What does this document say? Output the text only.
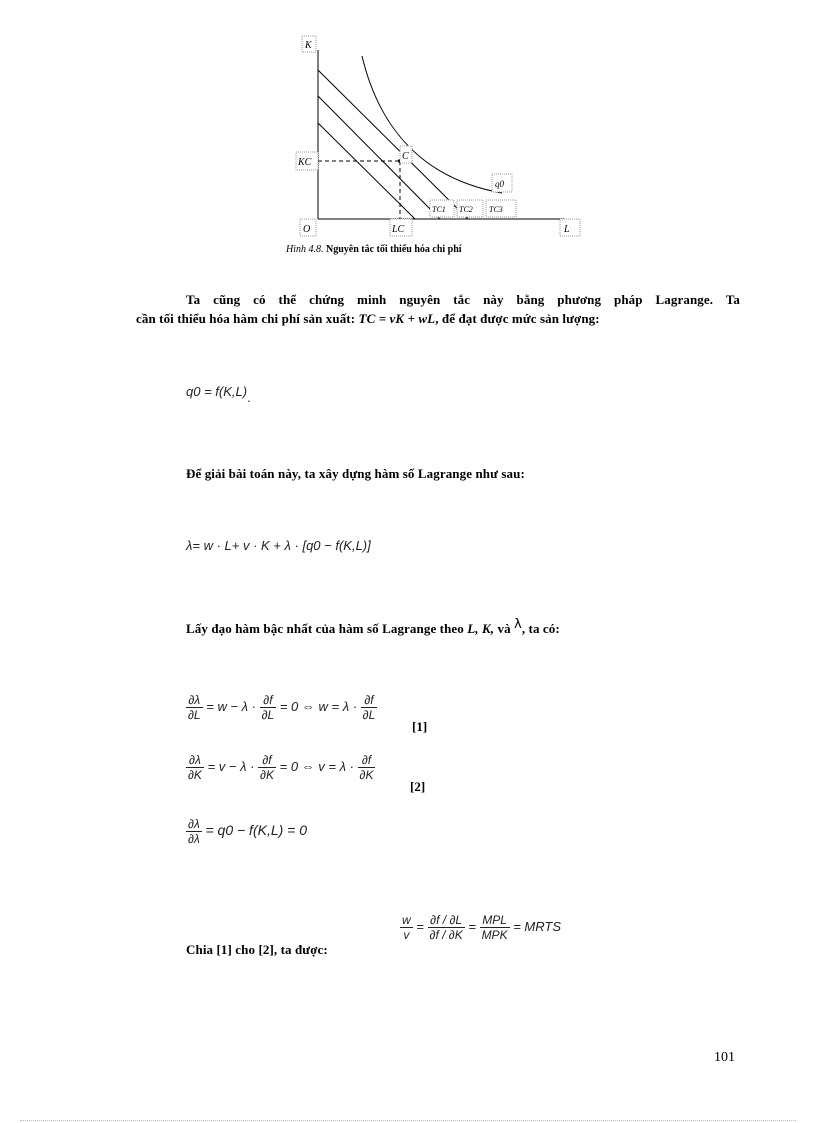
K
KC
C
q0
TC1 TC2 TC3
O	LC	L
Hình 4.8. Nguyên tắc tối thiểu hóa chi phí
Ta cũng có thể chứng minh nguyên tắc này bằng phương pháp Lagrange. Ta
cần tối thiểu hóa hàm chi phí sản xuất: TC = vK + wL, để đạt được mức sản lượng:
q0 = f(K,L).
Để giải bài toán này, ta xây dựng hàm số Lagrange như sau:
λ= w · L+ v · K + λ · [q0 − f(K,L)]
Lấy đạo hàm bậc nhất của hàm số Lagrange theo L, K, và λ, ta có:
$\frac{\partial\lambda}{\partial L} = w - \lambda \cdot \frac{\partial f}{\partial L} = 0$ ⇔ $w = \lambda \cdot \frac{\partial f}{\partial L}$
[1]
$\frac{\partial\lambda}{\partial K} = v - \lambda \cdot \frac{\partial f}{\partial K} = 0$ ⇔ $v = \lambda \cdot \frac{\partial f}{\partial K}$
[2]
$\frac{\partial\lambda}{\partial\lambda} = q0 - f(K,L) = 0$
Chia [1] cho [2], ta được:
$\frac{w}{v} = \frac{\partial f / \partial L}{\partial f / \partial K} = \frac{\text{MPL}}{\text{MPK}}$ = MRTS
101
